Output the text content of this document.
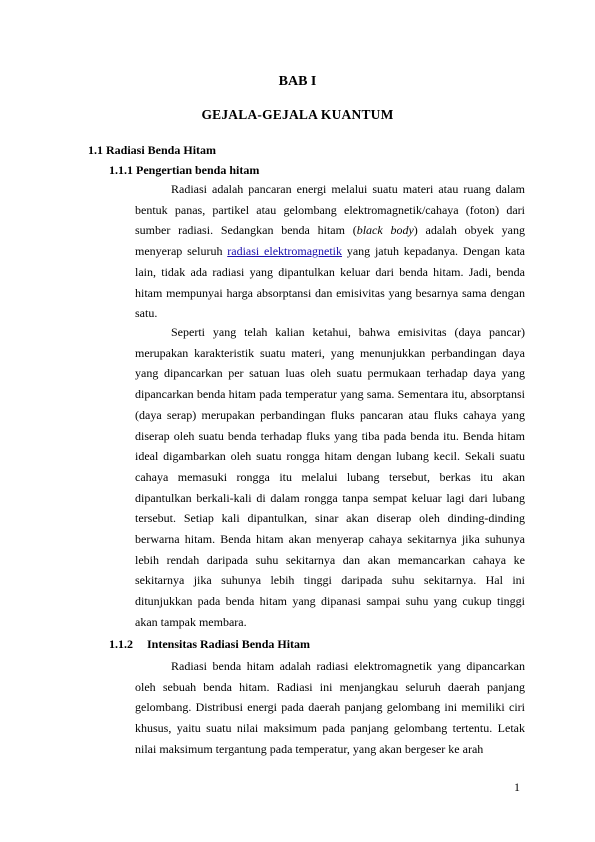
BAB I
GEJALA-GEJALA KUANTUM
1.1 Radiasi Benda Hitam
1.1.1 Pengertian benda hitam

Radiasi adalah pancaran energi melalui suatu materi atau ruang dalam bentuk panas, partikel atau gelombang elektromagnetik/cahaya (foton) dari sumber radiasi. Sedangkan benda hitam (black body) adalah obyek yang menyerap seluruh radiasi elektromagnetik yang jatuh kepadanya. Dengan kata lain, tidak ada radiasi yang dipantulkan keluar dari benda hitam. Jadi, benda hitam mempunyai harga absorptansi dan emisivitas yang besarnya sama dengan satu.

Seperti yang telah kalian ketahui, bahwa emisivitas (daya pancar) merupakan karakteristik suatu materi, yang menunjukkan perbandingan daya yang dipancarkan per satuan luas oleh suatu permukaan terhadap daya yang dipancarkan benda hitam pada temperatur yang sama. Sementara itu, absorptansi (daya serap) merupakan perbandingan fluks pancaran atau fluks cahaya yang diserap oleh suatu benda terhadap fluks yang tiba pada benda itu. Benda hitam ideal digambarkan oleh suatu rongga hitam dengan lubang kecil. Sekali suatu cahaya memasuki rongga itu melalui lubang tersebut, berkas itu akan dipantulkan berkali-kali di dalam rongga tanpa sempat keluar lagi dari lubang tersebut. Setiap kali dipantulkan, sinar akan diserap oleh dinding-dinding berwarna hitam. Benda hitam akan menyerap cahaya sekitarnya jika suhunya lebih rendah daripada suhu sekitarnya dan akan memancarkan cahaya ke sekitarnya jika suhunya lebih tinggi daripada suhu sekitarnya. Hal ini ditunjukkan pada benda hitam yang dipanasi sampai suhu yang cukup tinggi akan tampak membara.

1.1.2 Intensitas Radiasi Benda Hitam

Radiasi benda hitam adalah radiasi elektromagnetik yang dipancarkan oleh sebuah benda hitam. Radiasi ini menjangkau seluruh daerah panjang gelombang. Distribusi energi pada daerah panjang gelombang ini memiliki ciri khusus, yaitu suatu nilai maksimum pada panjang gelombang tertentu. Letak nilai maksimum tergantung pada temperatur, yang akan bergeser ke arah

1
